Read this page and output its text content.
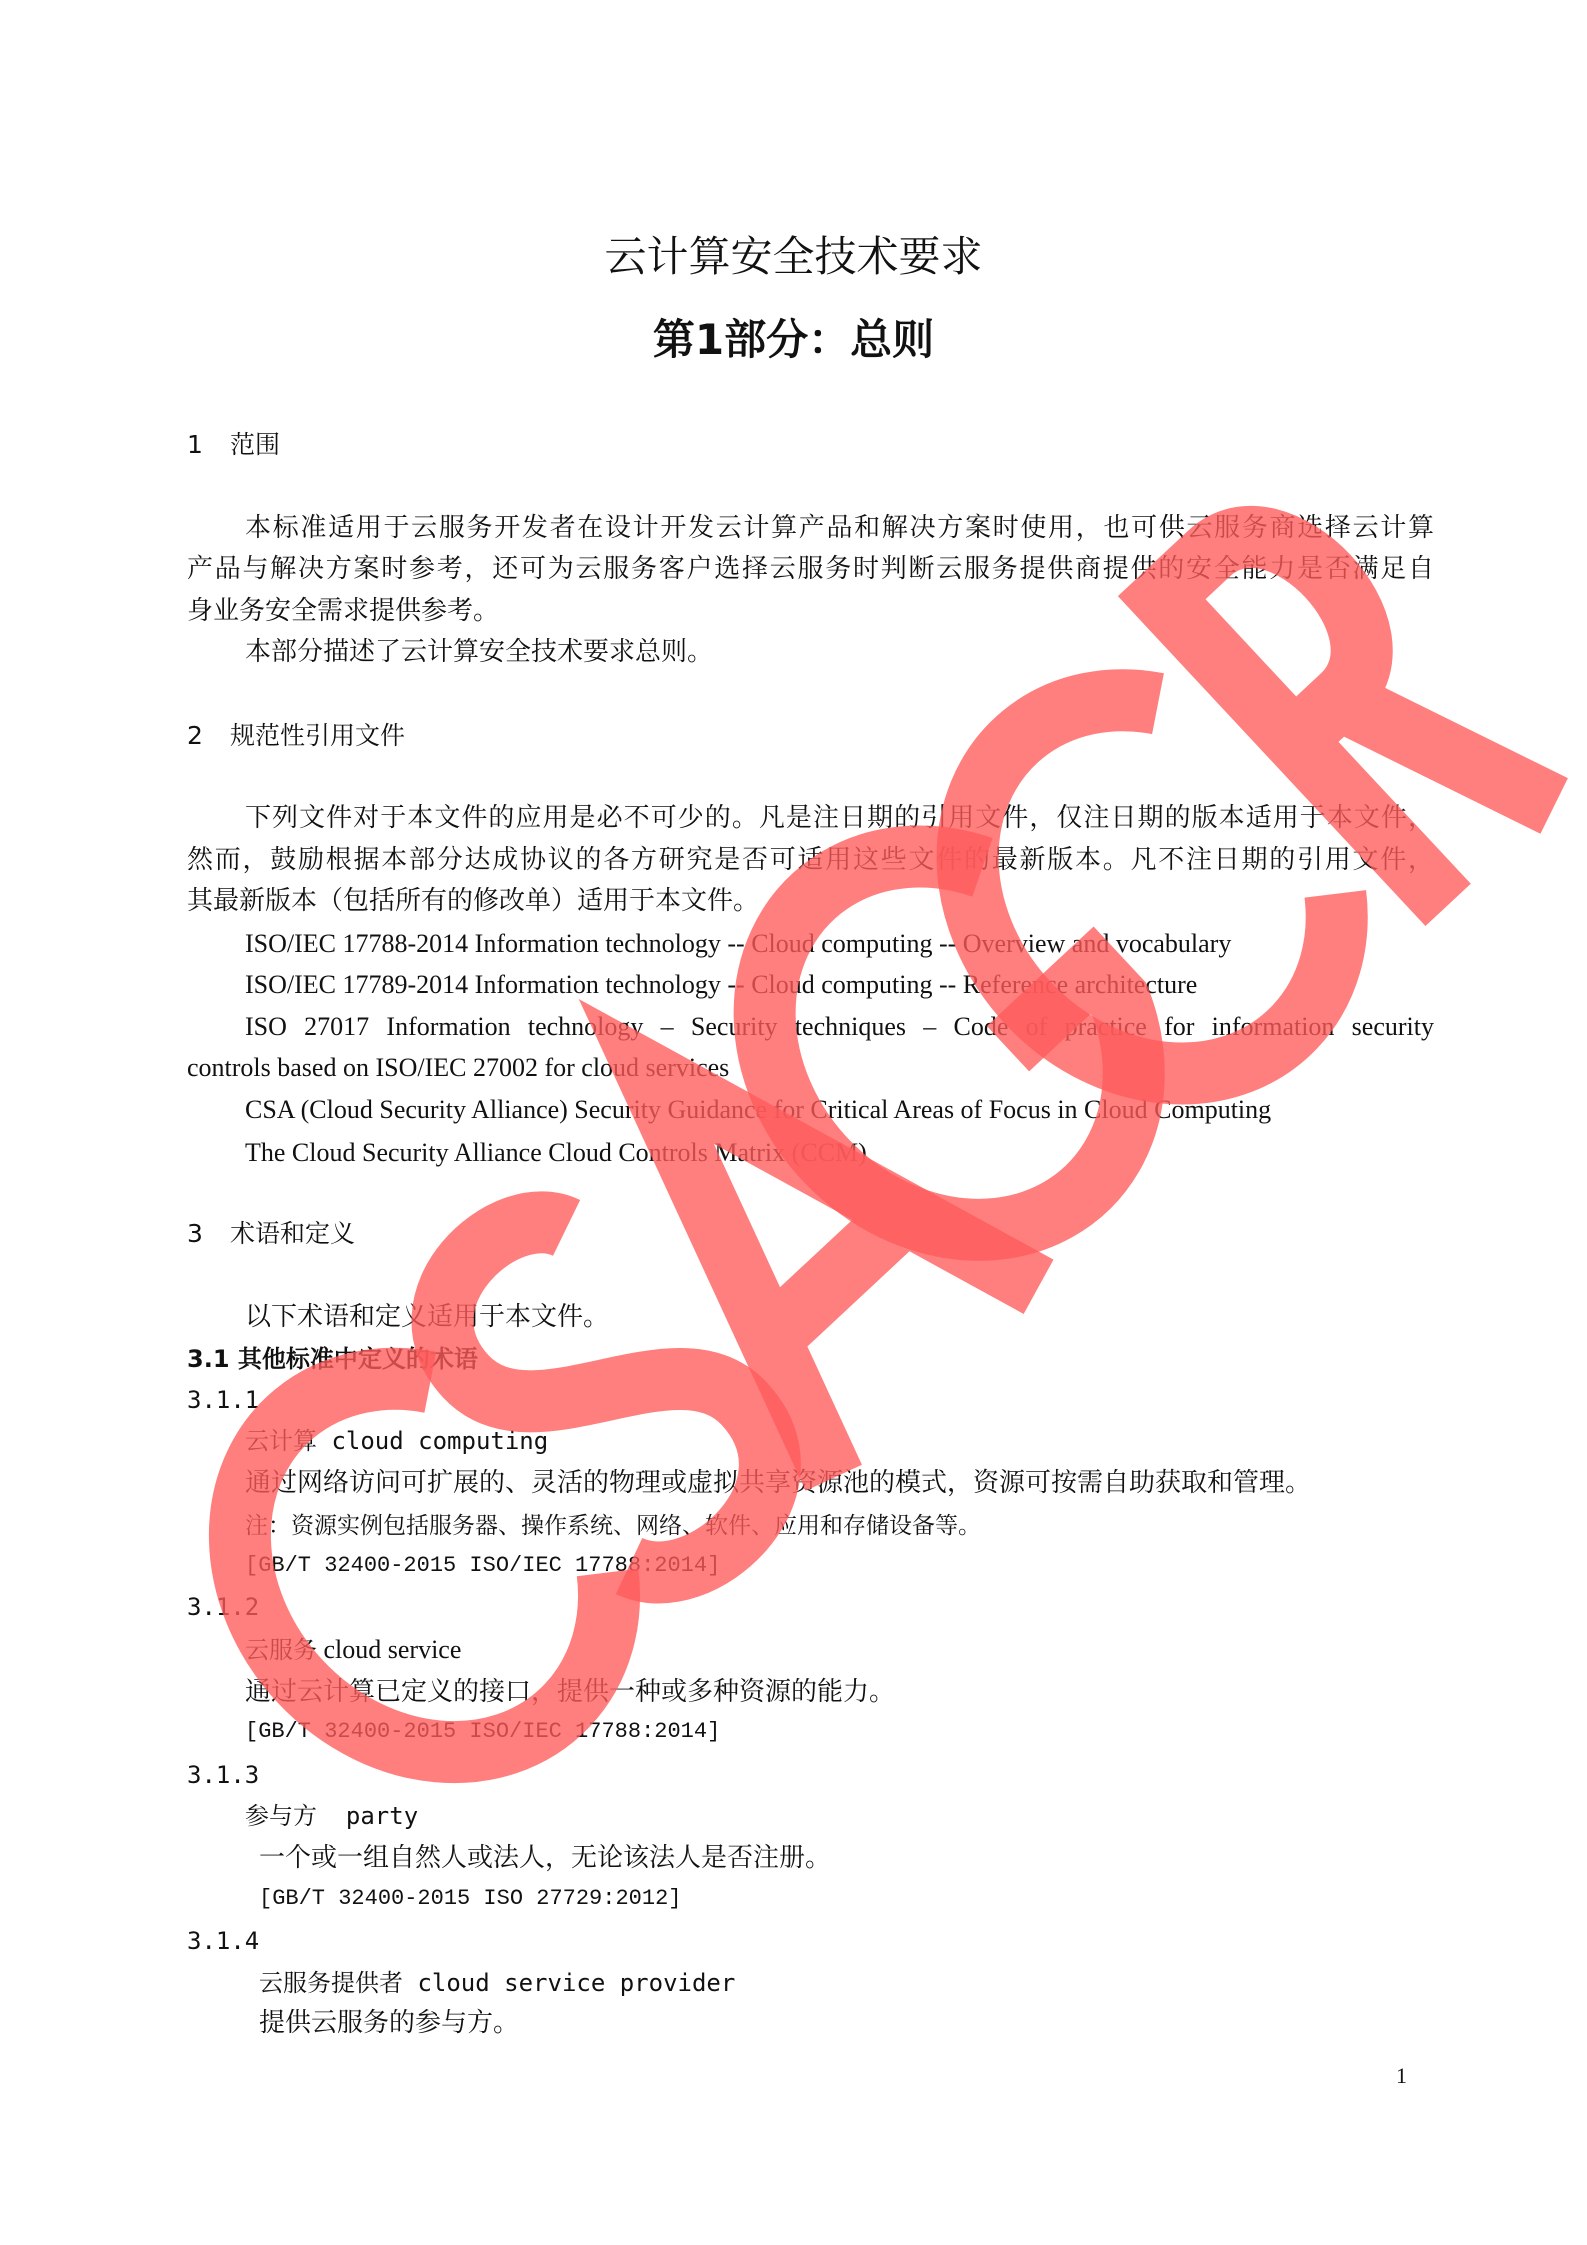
云计算安全技术要求
第1部分：总则
1 范围
本标准适用于云服务开发者在设计开发云计算产品和解决方案时使用，也可供云服务商选择云计算
产品与解决方案时参考，还可为云服务客户选择云服务时判断云服务提供商提供的安全能力是否满足自
身业务安全需求提供参考。
本部分描述了云计算安全技术要求总则。
2 规范性引用文件
下列文件对于本文件的应用是必不可少的。凡是注日期的引用文件，仅注日期的版本适用于本文件，
然而，鼓励根据本部分达成协议的各方研究是否可适用这些文件的最新版本。凡不注日期的引用文件，
其最新版本（包括所有的修改单）适用于本文件。
ISO/IEC 17788-2014 Information technology -- Cloud computing -- Overview and vocabulary
ISO/IEC 17789-2014 Information technology -- Cloud computing -- Reference architecture
ISO 27017 Information technology – Security techniques – Code of practice for information security
controls based on ISO/IEC 27002 for cloud services
CSA (Cloud Security Alliance) Security Guidance for Critical Areas of Focus in Cloud Computing
The Cloud Security Alliance Cloud Controls Matrix (CCM)
3 术语和定义
以下术语和定义适用于本文件。
3.1 其他标准中定义的术语
3.1.1
云计算 cloud computing
通过网络访问可扩展的、灵活的物理或虚拟共享资源池的模式，资源可按需自助获取和管理。
注：资源实例包括服务器、操作系统、网络、软件、应用和存储设备等。
[GB/T 32400-2015 ISO/IEC 17788:2014]
3.1.2
云服务 cloud service
通过云计算已定义的接口，提供一种或多种资源的能力。
[GB/T 32400-2015 ISO/IEC 17788:2014]
3.1.3
参与方  party
一个或一组自然人或法人，无论该法人是否注册。
[GB/T 32400-2015 ISO 27729:2012]
3.1.4
云服务提供者 cloud service provider
提供云服务的参与方。
1
